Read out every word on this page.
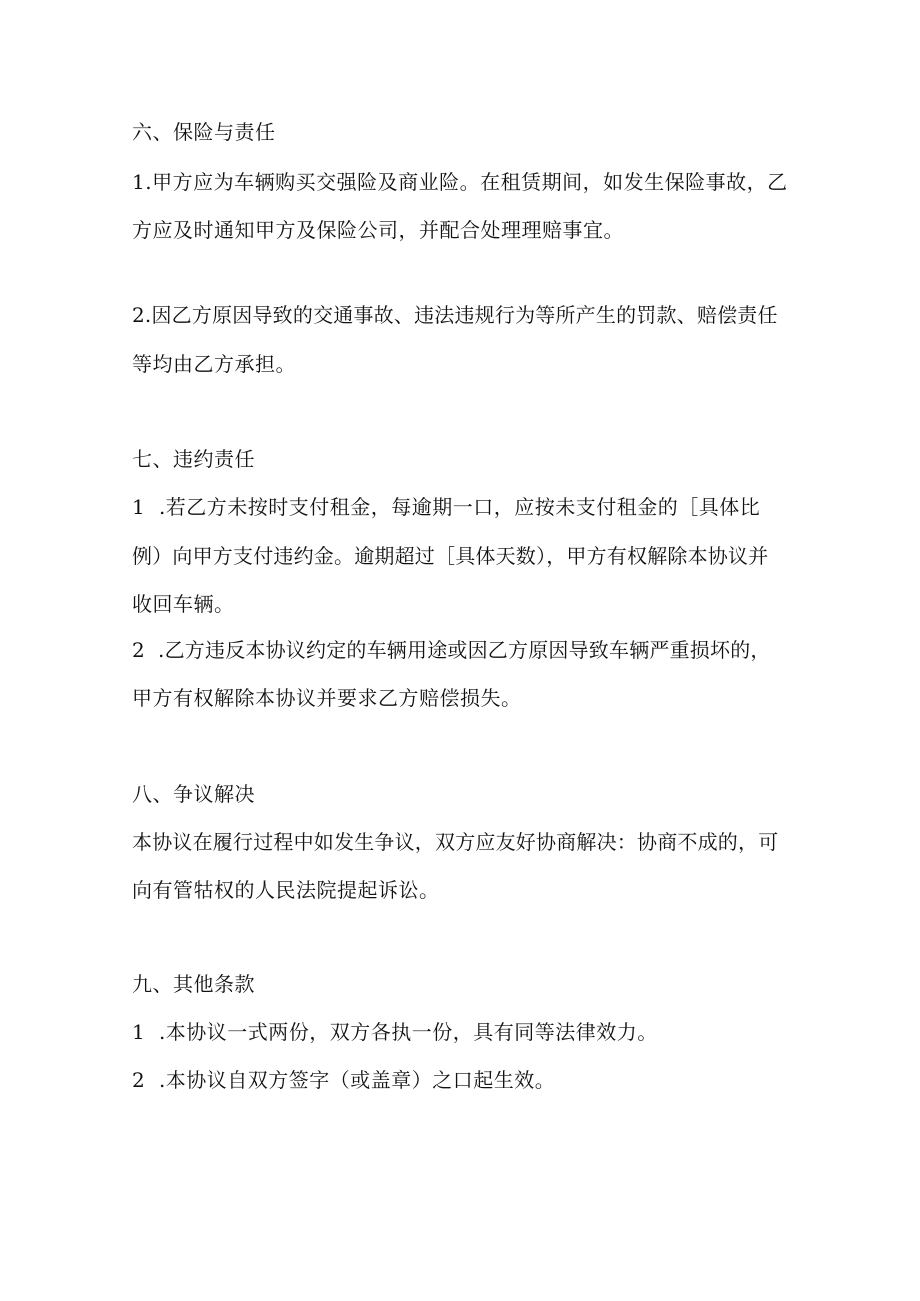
六、保险与责任
1.甲方应为车辆购买交强险及商业险。在租赁期间，如发生保险事故，乙
方应及时通知甲方及保险公司，并配合处理理赔事宜。
2.因乙方原因导致的交通事故、违法违规行为等所产生的罚款、赔偿责任
等均由乙方承担。
七、违约责任
1  .若乙方未按时支付租金，每逾期一口，应按未支付租金的［具体比
例）向甲方支付违约金。逾期超过［具体天数），甲方有权解除本协议并
收回车辆。
2  .乙方违反本协议约定的车辆用途或因乙方原因导致车辆严重损坏的，
甲方有权解除本协议并要求乙方赔偿损失。
八、争议解决
本协议在履行过程中如发生争议，双方应友好协商解决：协商不成的，可
向有管牯权的人民法院提起诉讼。
九、其他条款
1  .本协议一式两份，双方各执一份，具有同等法律效力。
2  .本协议自双方签字（或盖章）之口起生效。
